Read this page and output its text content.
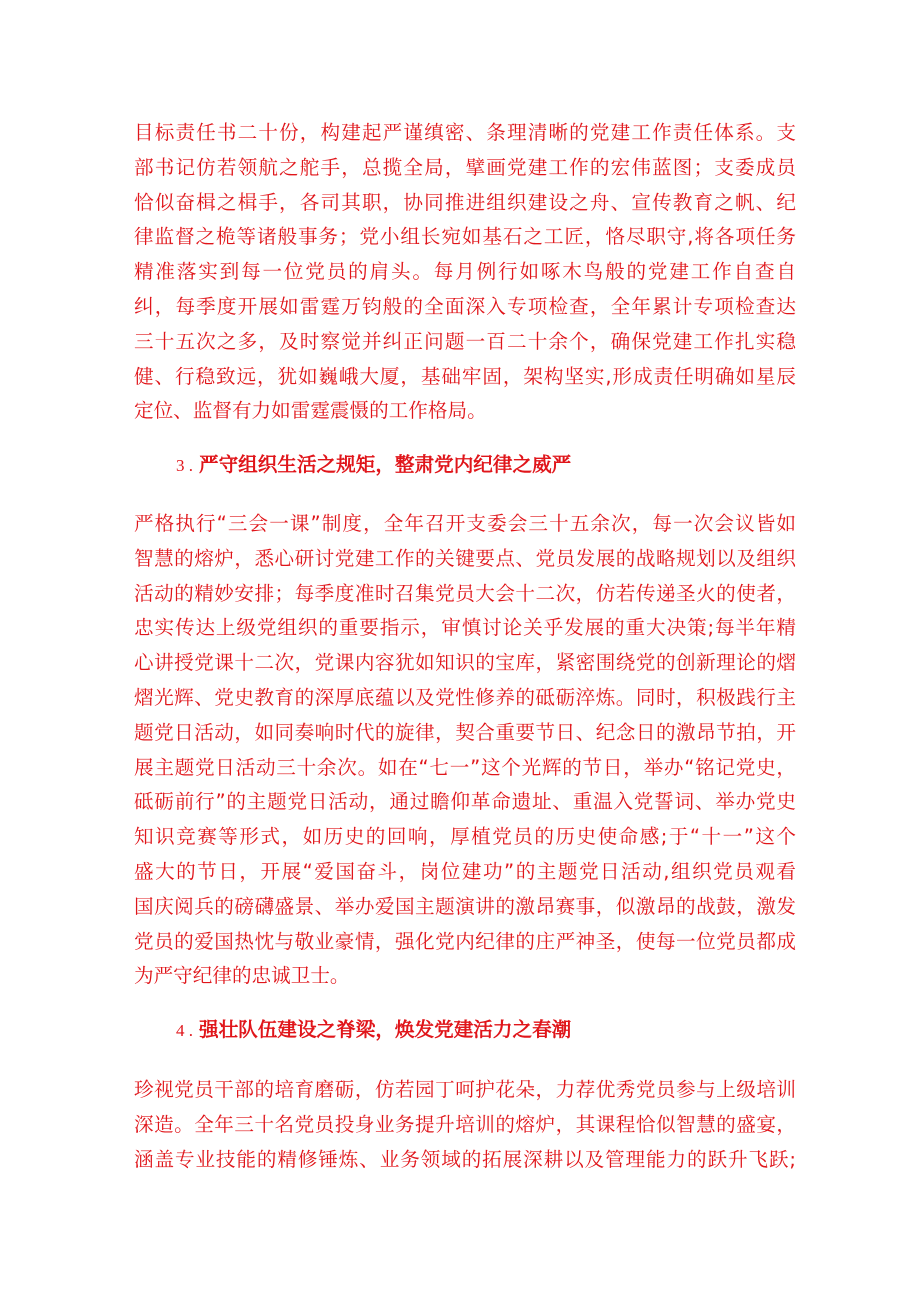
目标责任书二十份，构建起严谨缜密、条理清晰的党建工作责任体系。支
部书记仿若领航之舵手，总揽全局，擘画党建工作的宏伟蓝图；支委成员
恰似奋楫之楫手，各司其职，协同推进组织建设之舟、宣传教育之帆、纪
律监督之桅等诸般事务；党小组长宛如基石之工匠，恪尽职守,将各项任务
精准落实到每一位党员的肩头。每月例行如啄木鸟般的党建工作自查自
纠，每季度开展如雷霆万钧般的全面深入专项检查，全年累计专项检查达
三十五次之多，及时察觉并纠正问题一百二十余个，确保党建工作扎实稳
健、行稳致远，犹如巍峨大厦，基础牢固，架构坚实,形成责任明确如星辰
定位、监督有力如雷霆震慑的工作格局。
3 . 严守组织生活之规矩，整肃党内纪律之威严
严格执行“三会一课”制度，全年召开支委会三十五余次，每一次会议皆如
智慧的熔炉，悉心研讨党建工作的关键要点、党员发展的战略规划以及组织
活动的精妙安排；每季度准时召集党员大会十二次，仿若传递圣火的使者，
忠实传达上级党组织的重要指示，审慎讨论关乎发展的重大决策;每半年精
心讲授党课十二次，党课内容犹如知识的宝库，紧密围绕党的创新理论的熠
熠光辉、党史教育的深厚底蕴以及党性修养的砥砺淬炼。同时，积极践行主
题党日活动，如同奏响时代的旋律，契合重要节日、纪念日的激昂节拍，开
展主题党日活动三十余次。如在“七一”这个光辉的节日，举办“铭记党史，
砥砺前行”的主题党日活动，通过瞻仰革命遗址、重温入党誓词、举办党史
知识竞赛等形式，如历史的回响，厚植党员的历史使命感;于“十一”这个
盛大的节日，开展“爱国奋斗，岗位建功”的主题党日活动,组织党员观看
国庆阅兵的磅礴盛景、举办爱国主题演讲的激昂赛事，似激昂的战鼓，激发
党员的爱国热忱与敬业豪情，强化党内纪律的庄严神圣，使每一位党员都成
为严守纪律的忠诚卫士。
4 . 强壮队伍建设之脊梁，焕发党建活力之春潮
珍视党员干部的培育磨砺，仿若园丁呵护花朵，力荐优秀党员参与上级培训
深造。全年三十名党员投身业务提升培训的熔炉，其课程恰似智慧的盛宴，
涵盖专业技能的精修锤炼、业务领域的拓展深耕以及管理能力的跃升飞跃;
